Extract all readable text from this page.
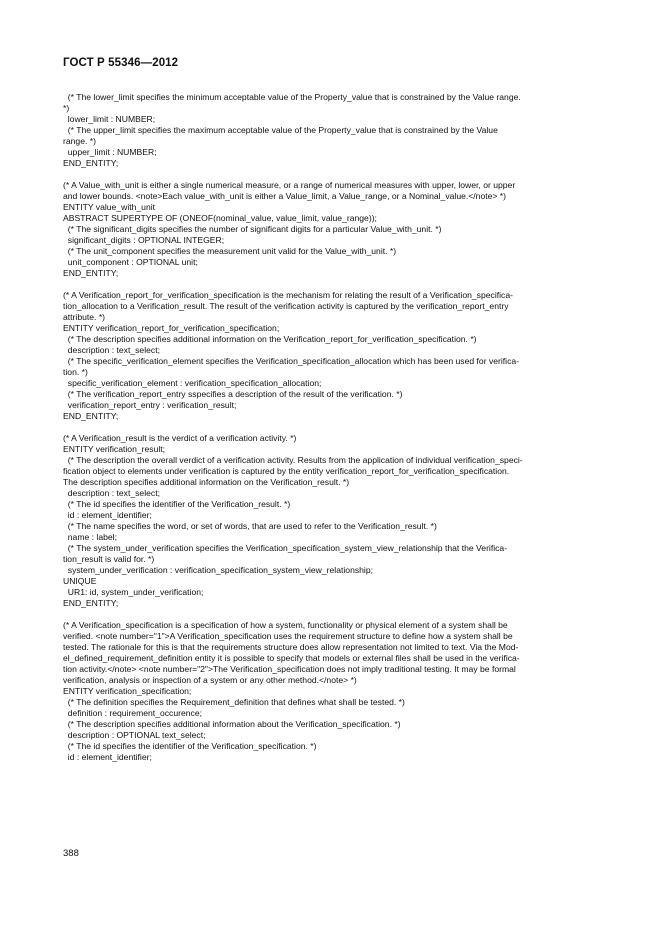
ГОСТ Р 55346—2012
(* The lower_limit specifies the minimum acceptable value of the Property_value that is constrained by the Value range.
*)
lower_limit : NUMBER;
(* The upper_limit specifies the maximum acceptable value of the Property_value that is constrained by the Value
range. *)
upper_limit : NUMBER;
END_ENTITY;
(* A Value_with_unit is either a single numerical measure, or a range of numerical measures with upper, lower, or upper
and lower bounds. <note>Each value_with_unit is either a Value_limit, a Value_range, or a Nominal_value.</note> *)
ENTITY value_with_unit
ABSTRACT SUPERTYPE OF (ONEOF(nominal_value, value_limit, value_range));
(* The significant_digits specifies the number of significant digits for a particular Value_with_unit. *)
significant_digits : OPTIONAL INTEGER;
(* The unit_component specifies the measurement unit valid for the Value_with_unit. *)
unit_component : OPTIONAL unit;
END_ENTITY;
(* A Verification_report_for_verification_specification is the mechanism for relating the result of a Verification_specifica-
tion_allocation to a Verification_result. The result of the verification activity is captured by the verification_report_entry
attribute. *)
ENTITY verification_report_for_verification_specification;
(* The description specifies additional information on the Verification_report_for_verification_specification. *)
description : text_select;
(* The specific_verification_element specifies the Verification_specification_allocation which has been used for verifica-
tion. *)
specific_verification_element : verification_specification_allocation;
(* The verification_report_entry sspecifies a description of the result of the verification. *)
verification_report_entry : verification_result;
END_ENTITY;
(* A Verification_result is the verdict of a verification activity. *)
ENTITY verification_result;
(* The description the overall verdict of a verification activity. Results from the application of individual verification_speci-
fication object to elements under verification is captured by the entity verification_report_for_verification_specification.
The description specifies additional information on the Verification_result. *)
description : text_select;
(* The id specifies the identifier of the Verification_result. *)
id : element_identifier;
(* The name specifies the word, or set of words, that are used to refer to the Verification_result. *)
name : label;
(* The system_under_verification specifies the Verification_specification_system_view_relationship that the Verifica-
tion_result is valid for. *)
system_under_verification : verification_specification_system_view_relationship;
UNIQUE
UR1: id, system_under_verification;
END_ENTITY;
(* A Verification_specification is a specification of how a system, functionality or physical element of a system shall be
verified. <note number="1">A Verification_specification uses the requirement structure to define how a system shall be
tested. The rationale for this is that the requirements structure does allow representation not limited to text. Via the Mod-
el_defined_requirement_definition entity it is possible to specify that models or external files shall be used in the verifica-
tion activity.</note> <note number="2">The Verification_specification does not imply traditional testing. It may be formal
verification, analysis or inspection of a system or any other method.</note> *)
ENTITY verification_specification;
(* The definition specifies the Requirement_definition that defines what shall be tested. *)
definition : requirement_occurence;
(* The description specifies additional information about the Verification_specification. *)
description : OPTIONAL text_select;
(* The id specifies the identifier of the Verification_specification. *)
id : element_identifier;
388
